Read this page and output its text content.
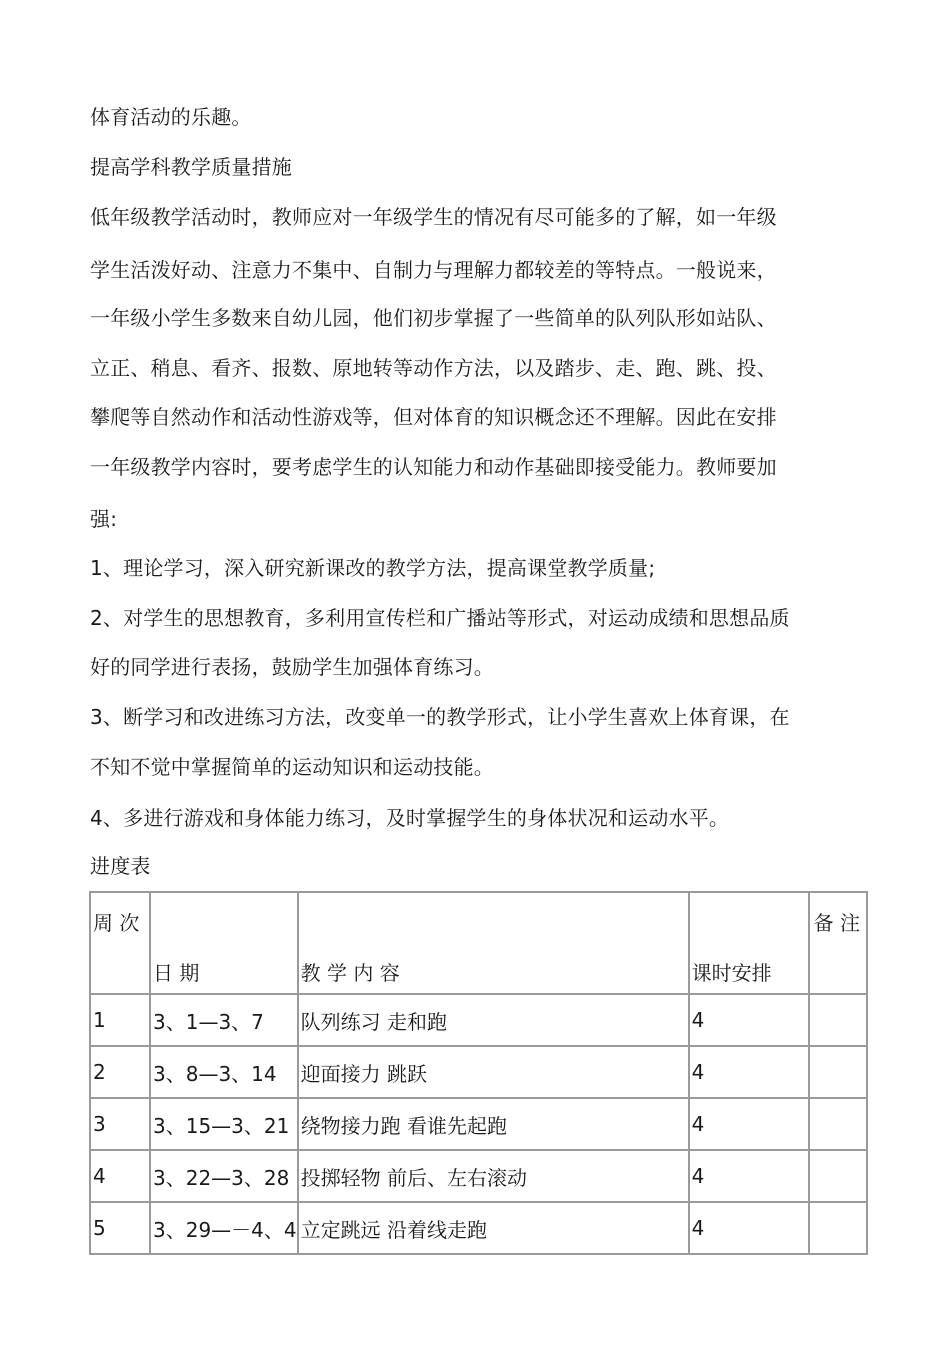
体育活动的乐趣。
提高学科教学质量措施
低年级教学活动时，教师应对一年级学生的情况有尽可能多的了解，如一年级
学生活泼好动、注意力不集中、自制力与理解力都较差的等特点。一般说来，
一年级小学生多数来自幼儿园，他们初步掌握了一些简单的队列队形如站队、
立正、稍息、看齐、报数、原地转等动作方法，以及踏步、走、跑、跳、投、
攀爬等自然动作和活动性游戏等，但对体育的知识概念还不理解。因此在安排
一年级教学内容时，要考虑学生的认知能力和动作基础即接受能力。教师要加
强:
1、理论学习，深入研究新课改的教学方法，提高课堂教学质量;
2、对学生的思想教育，多利用宣传栏和广播站等形式，对运动成绩和思想品质
好的同学进行表扬，鼓励学生加强体育练习。
3、断学习和改进练习方法，改变单一的教学形式，让小学生喜欢上体育课，在
不知不觉中掌握简单的运动知识和运动技能。
4、多进行游戏和身体能力练习，及时掌握学生的身体状况和运动水平。
进度表
周 次	日 期	教 学 内 容	课时安排	备 注

1	3、1—3、7	队列练习 走和跑	4	
2	3、8—3、14	迎面接力 跳跃	4	
3	3、15—3、21	绕物接力跑 看谁先起跑	4	
4	3、22—3、28	投掷轻物 前后、左右滚动	4	
5	3、29—－4、4	立定跳远 沿着线走跑	4	
